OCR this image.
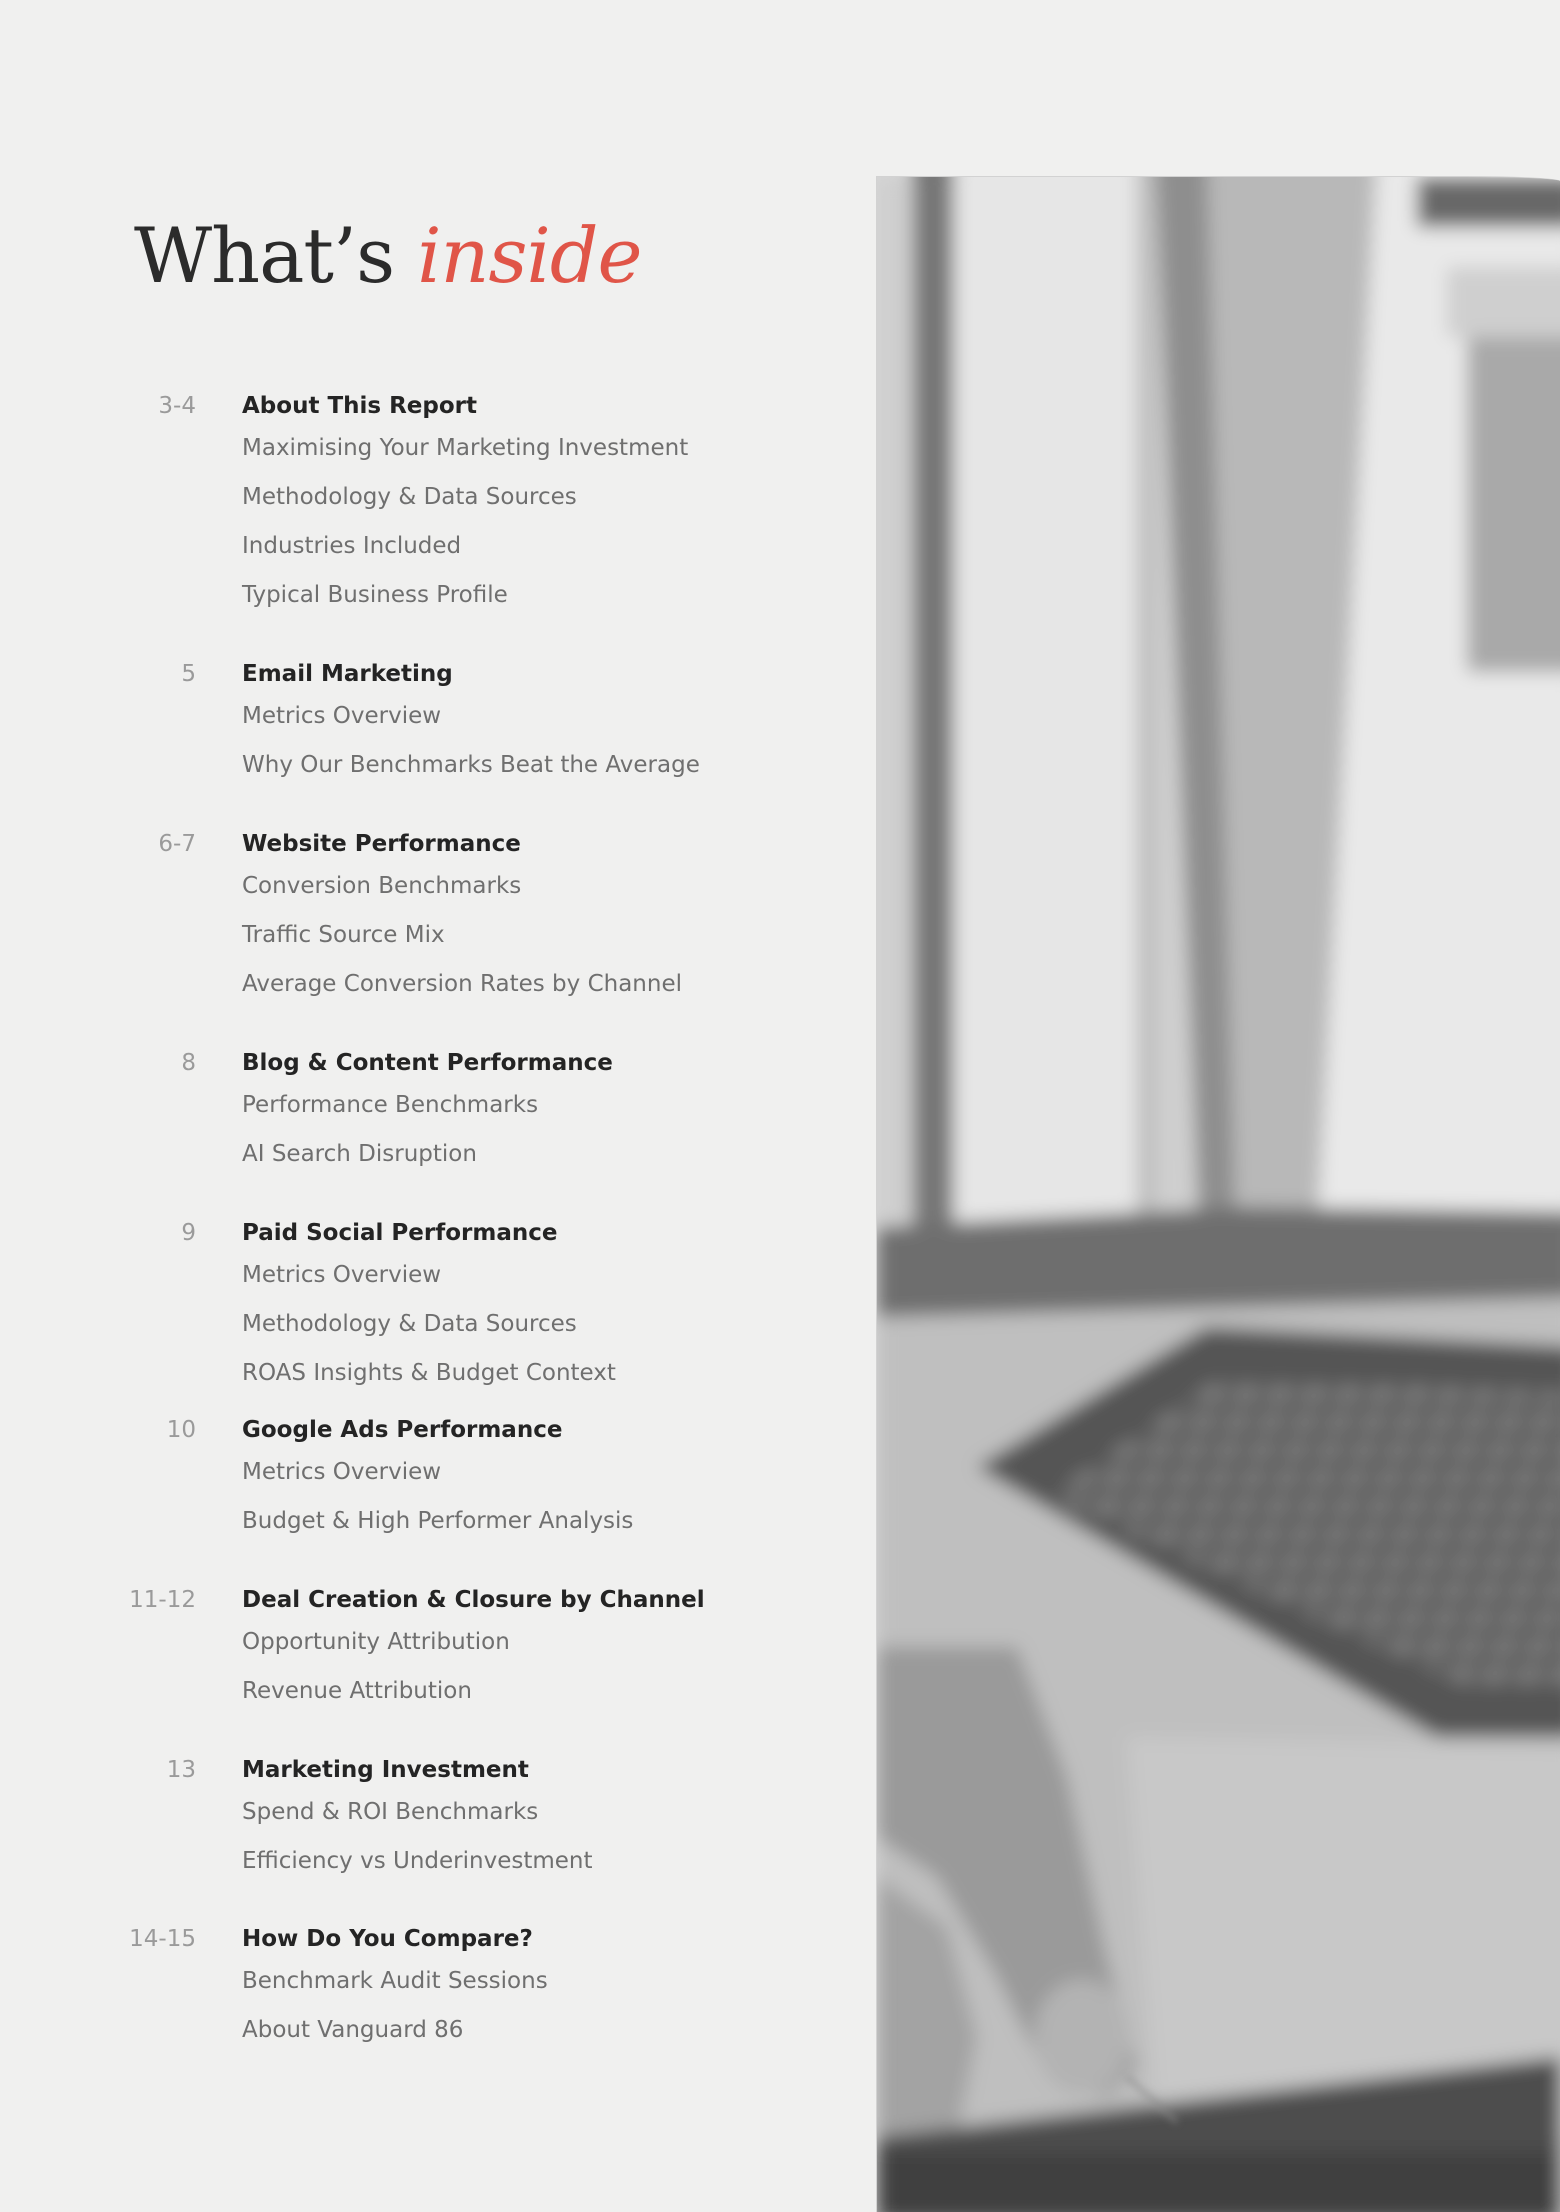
What’s inside
3-4 About This Report
Maximising Your Marketing Investment
Methodology & Data Sources
Industries Included
Typical Business Profile
5 Email Marketing
Metrics Overview
Why Our Benchmarks Beat the Average
6-7 Website Performance
Conversion Benchmarks
Traffic Source Mix
Average Conversion Rates by Channel
8 Blog & Content Performance
Performance Benchmarks
AI Search Disruption
9 Paid Social Performance
Metrics Overview
Methodology & Data Sources
ROAS Insights & Budget Context
10 Google Ads Performance
Metrics Overview
Budget & High Performer Analysis
11-12 Deal Creation & Closure by Channel
Opportunity Attribution
Revenue Attribution
13 Marketing Investment
Spend & ROI Benchmarks
Efficiency vs Underinvestment
14-15 How Do You Compare?
Benchmark Audit Sessions
About Vanguard 86
